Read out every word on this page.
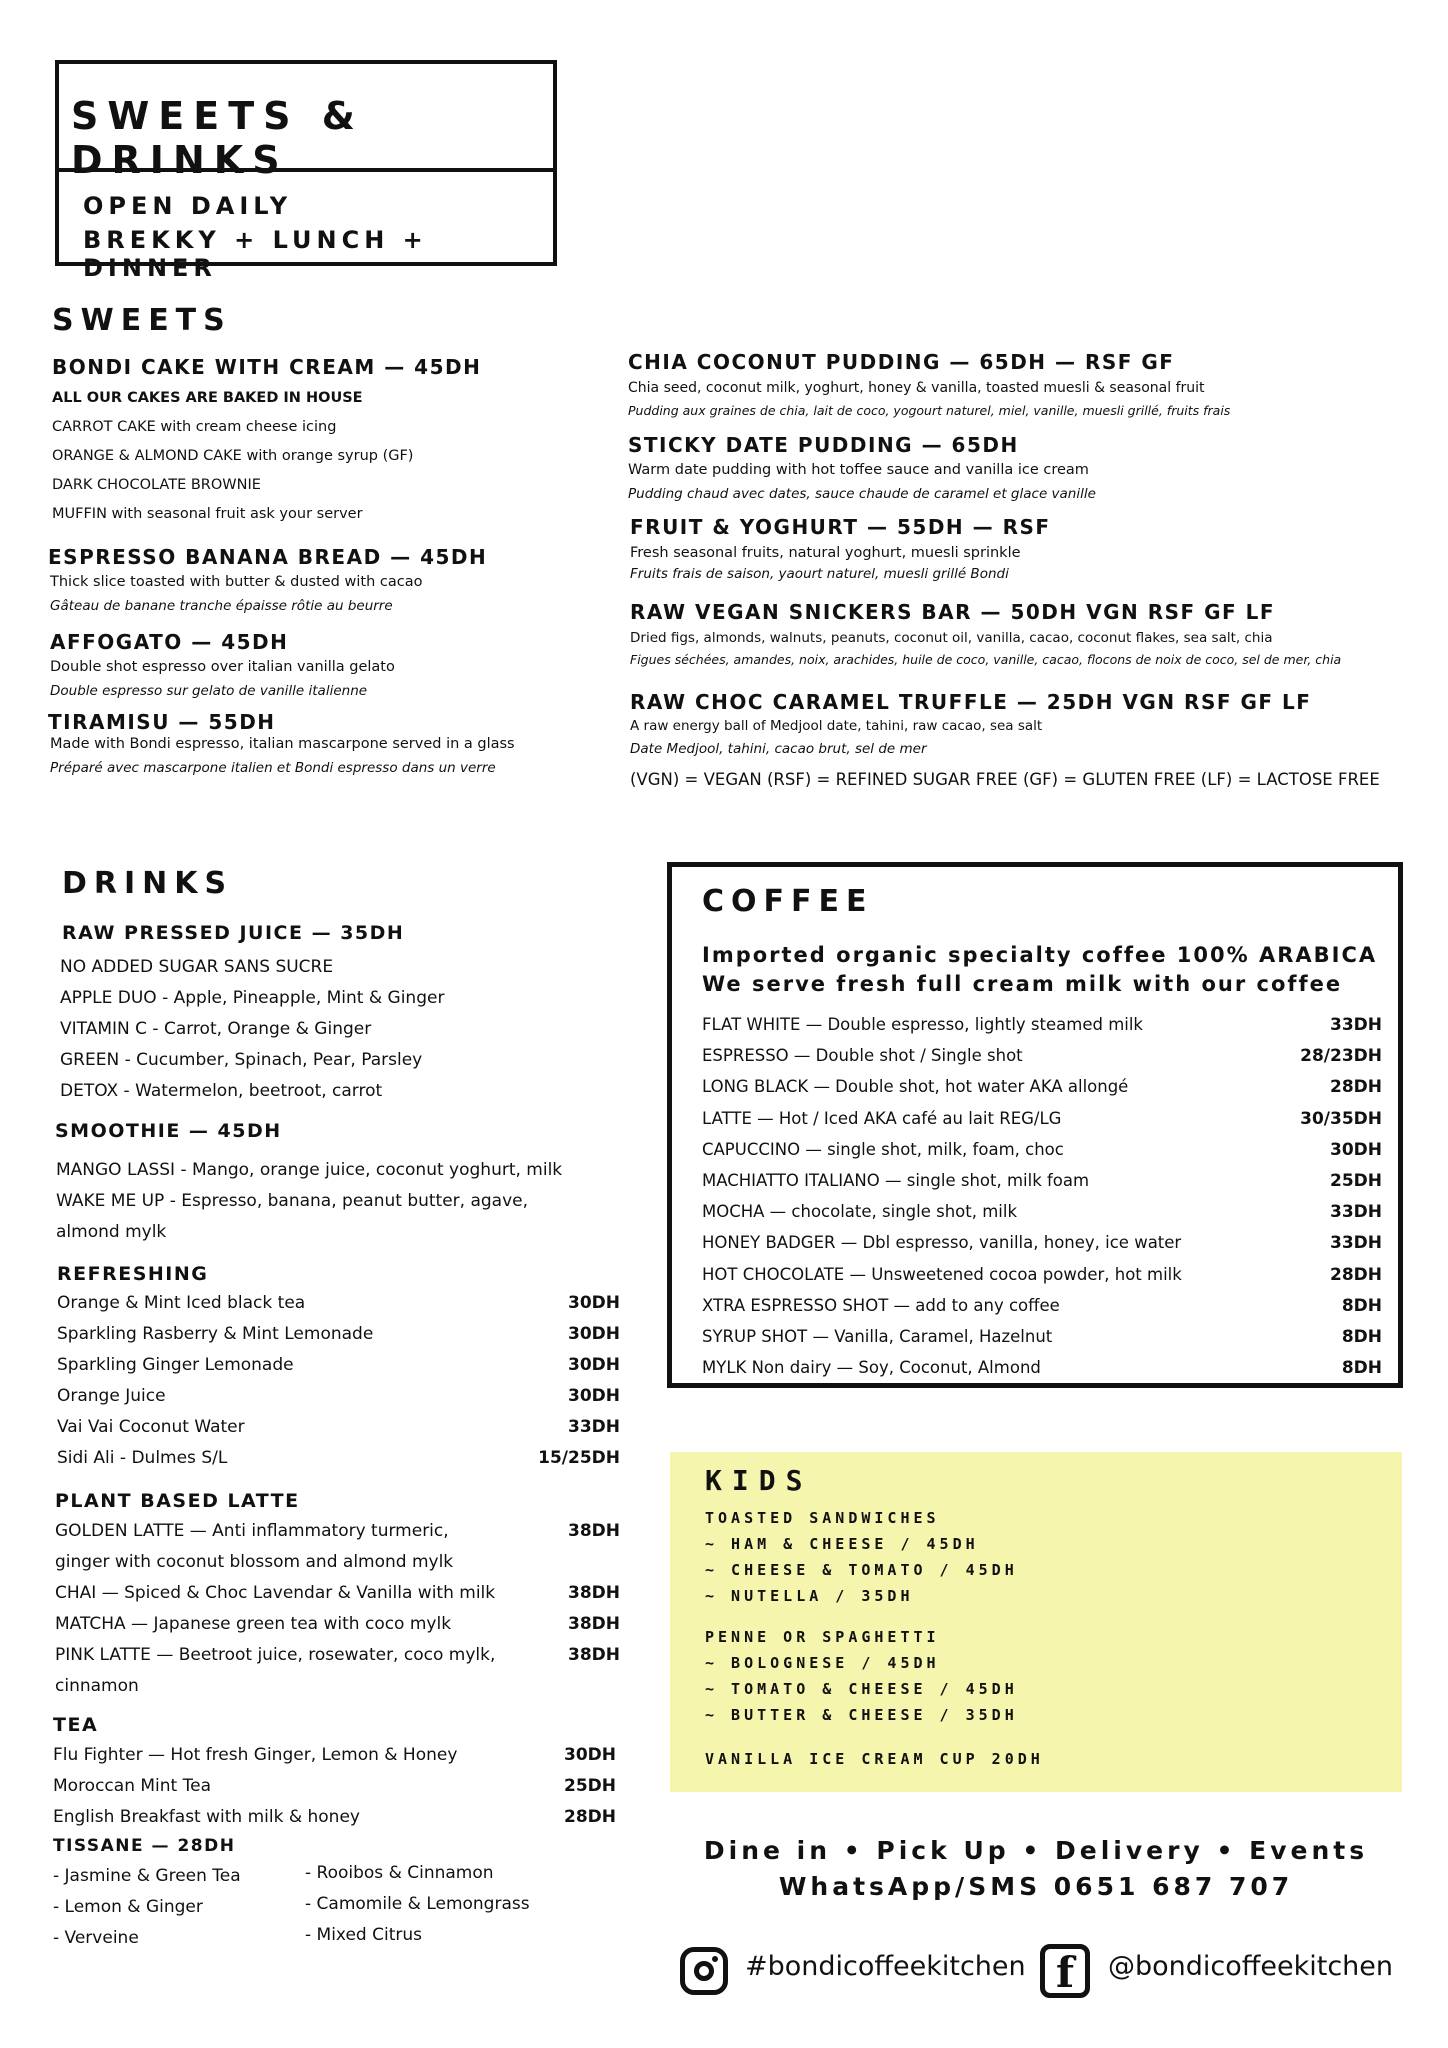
SWEETS & DRINKS
OPEN DAILY
BREKKY + LUNCH + DINNER
SWEETS
BONDI CAKE WITH CREAM — 45DH
ALL OUR CAKES ARE BAKED IN HOUSE
CARROT CAKE with cream cheese icing
ORANGE & ALMOND CAKE with orange syrup (GF)
DARK CHOCOLATE BROWNIE
MUFFIN with seasonal fruit ask your server
ESPRESSO BANANA BREAD — 45DH
Thick slice toasted with butter & dusted with cacao
Gâteau de banane tranche épaisse rôtie au beurre
AFFOGATO — 45DH
Double shot espresso over italian vanilla gelato
Double espresso sur gelato de vanille italienne
TIRAMISU — 55DH
Made with Bondi espresso, italian mascarpone served in a glass
Préparé avec mascarpone italien et Bondi espresso dans un verre
CHIA COCONUT PUDDING — 65DH — RSF GF
Chia seed, coconut milk, yoghurt, honey & vanilla, toasted muesli & seasonal fruit
Pudding aux graines de chia, lait de coco, yogourt naturel, miel, vanille, muesli grillé, fruits frais
STICKY DATE PUDDING — 65DH
Warm date pudding with hot toffee sauce and vanilla ice cream
Pudding chaud avec dates, sauce chaude de caramel et glace vanille
FRUIT & YOGHURT — 55DH — RSF
Fresh seasonal fruits, natural yoghurt, muesli sprinkle
Fruits frais de saison, yaourt naturel, muesli grillé Bondi
RAW VEGAN SNICKERS BAR — 50DH VGN RSF GF LF
Dried figs, almonds, walnuts, peanuts, coconut oil, vanilla, cacao, coconut flakes, sea salt, chia
Figues séchées, amandes, noix, arachides, huile de coco, vanille, cacao, flocons de noix de coco, sel de mer, chia
RAW CHOC CARAMEL TRUFFLE — 25DH VGN RSF GF LF
A raw energy ball of Medjool date, tahini, raw cacao, sea salt
Date Medjool, tahini, cacao brut, sel de mer
(VGN) = VEGAN (RSF) = REFINED SUGAR FREE (GF) = GLUTEN FREE (LF) = LACTOSE FREE
DRINKS
RAW PRESSED JUICE — 35DH
NO ADDED SUGAR SANS SUCRE
APPLE DUO - Apple, Pineapple, Mint & Ginger
VITAMIN C - Carrot, Orange & Ginger
GREEN - Cucumber, Spinach, Pear, Parsley
DETOX - Watermelon, beetroot, carrot
SMOOTHIE — 45DH
MANGO LASSI - Mango, orange juice, coconut yoghurt, milk
WAKE ME UP - Espresso, banana, peanut butter, agave,
almond mylk
REFRESHING
Orange & Mint Iced black tea	30DH
Sparkling Rasberry & Mint Lemonade	30DH
Sparkling Ginger Lemonade	30DH
Orange Juice	30DH
Vai Vai Coconut Water	33DH
Sidi Ali - Dulmes S/L	15/25DH
PLANT BASED LATTE
GOLDEN LATTE — Anti inflammatory turmeric,	38DH
ginger with coconut blossom and almond mylk
CHAI — Spiced & Choc Lavendar & Vanilla with milk	38DH
MATCHA — Japanese green tea with coco mylk	38DH
PINK LATTE — Beetroot juice, rosewater, coco mylk,	38DH
cinnamon
TEA
Flu Fighter — Hot fresh Ginger, Lemon & Honey	30DH
Moroccan Mint Tea	25DH
English Breakfast with milk & honey	28DH
TISSANE — 28DH
- Jasmine & Green Tea
- Lemon & Ginger
- Verveine
- Rooibos & Cinnamon
- Camomile & Lemongrass
- Mixed Citrus
COFFEE
Imported organic specialty coffee 100% ARABICA
We serve fresh full cream milk with our coffee
FLAT WHITE — Double espresso, lightly steamed milk	33DH
ESPRESSO — Double shot / Single shot	28/23DH
LONG BLACK — Double shot, hot water AKA allongé	28DH
LATTE — Hot / Iced AKA café au lait REG/LG	30/35DH
CAPUCCINO — single shot, milk, foam, choc	30DH
MACHIATTO ITALIANO — single shot, milk foam	25DH
MOCHA — chocolate, single shot, milk	33DH
HONEY BADGER — Dbl espresso, vanilla, honey, ice water	33DH
HOT CHOCOLATE — Unsweetened cocoa powder, hot milk	28DH
XTRA ESPRESSO SHOT — add to any coffee	8DH
SYRUP SHOT — Vanilla, Caramel, Hazelnut	8DH
MYLK Non dairy — Soy, Coconut, Almond	8DH
KIDS
TOASTED SANDWICHES
~ HAM & CHEESE / 45DH
~ CHEESE & TOMATO / 45DH
~ NUTELLA / 35DH
PENNE OR SPAGHETTI
~ BOLOGNESE / 45DH
~ TOMATO & CHEESE / 45DH
~ BUTTER & CHEESE / 35DH
VANILLA ICE CREAM CUP 20DH
Dine in • Pick Up • Delivery • Events
WhatsApp/SMS 0651 687 707
#bondicoffeekitchen f	@bondicoffeekitchen
